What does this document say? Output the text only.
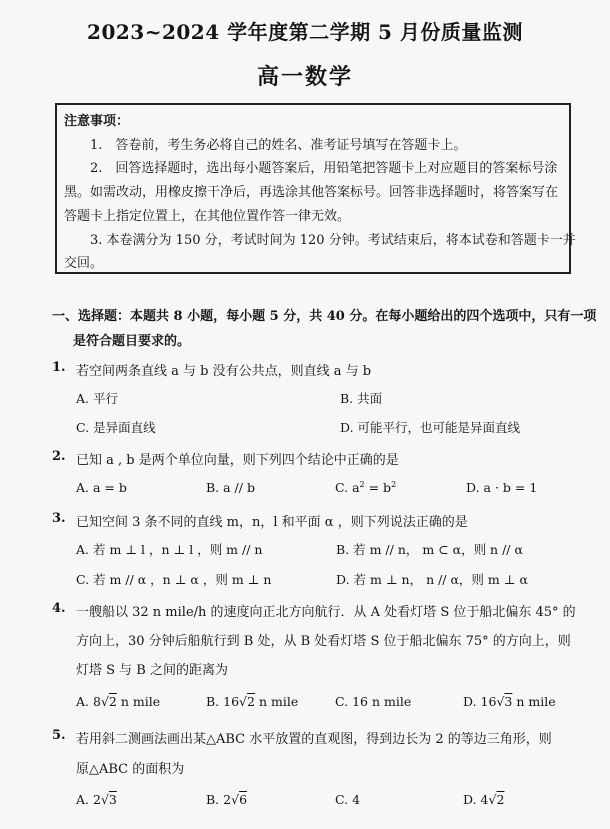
2023~2024 学年度第二学期 5 月份质量监测
高一数学
注意事项：
1.　答卷前，考生务必将自己的姓名、准考证号填写在答题卡上。
2.　回答选择题时，选出每小题答案后，用铅笔把答题卡上对应题目的答案标号涂
黑。如需改动，用橡皮擦干净后，再选涂其他答案标号。回答非选择题时，将答案写在
答题卡上指定位置上，在其他位置作答一律无效。
3. 本卷满分为 150 分，考试时间为 120 分钟。考试结束后，将本试卷和答题卡一并
交回。
一、选择题：本题共 8 小题，每小题 5 分，共 40 分。在每小题给出的四个选项中，只有一项
是符合题目要求的。
1. 若空间两条直线 a 与 b 没有公共点，则直线 a 与 b
A. 平行	B. 共面
C. 是异面直线	D. 可能平行，也可能是异面直线
2. 已知 a , b 是两个单位向量，则下列四个结论中正确的是
A. a = b	B. a // b	C. $a^2 = b^2$	D. a · b = 1
3. 已知空间 3 条不同的直线 m，n，l 和平面 α ，则下列说法正确的是
A. 若 m ⊥ l ，n ⊥ l ，则 m // n	B. 若 m // n， m ⊂ α，则 n // α
C. 若 m // α ，n ⊥ α ，则 m ⊥ n	D. 若 m ⊥ n， n // α，则 m ⊥ α
4. 一艘船以 32 n mile/h 的速度向正北方向航行．从 A 处看灯塔 S 位于船北偏东 45° 的
方向上，30 分钟后船航行到 B 处，从 B 处看灯塔 S 位于船北偏东 75° 的方向上，则
灯塔 S 与 B 之间的距离为
A. 8√2 n mile	B. 16√2 n mile	C. 16 n mile	D. 16√3 n mile
5. 若用斜二测画法画出某△ABC 水平放置的直观图，得到边长为 2 的等边三角形，则
原△ABC 的面积为
A. 2√3	B. 2√6	C. 4	D. 4√2
